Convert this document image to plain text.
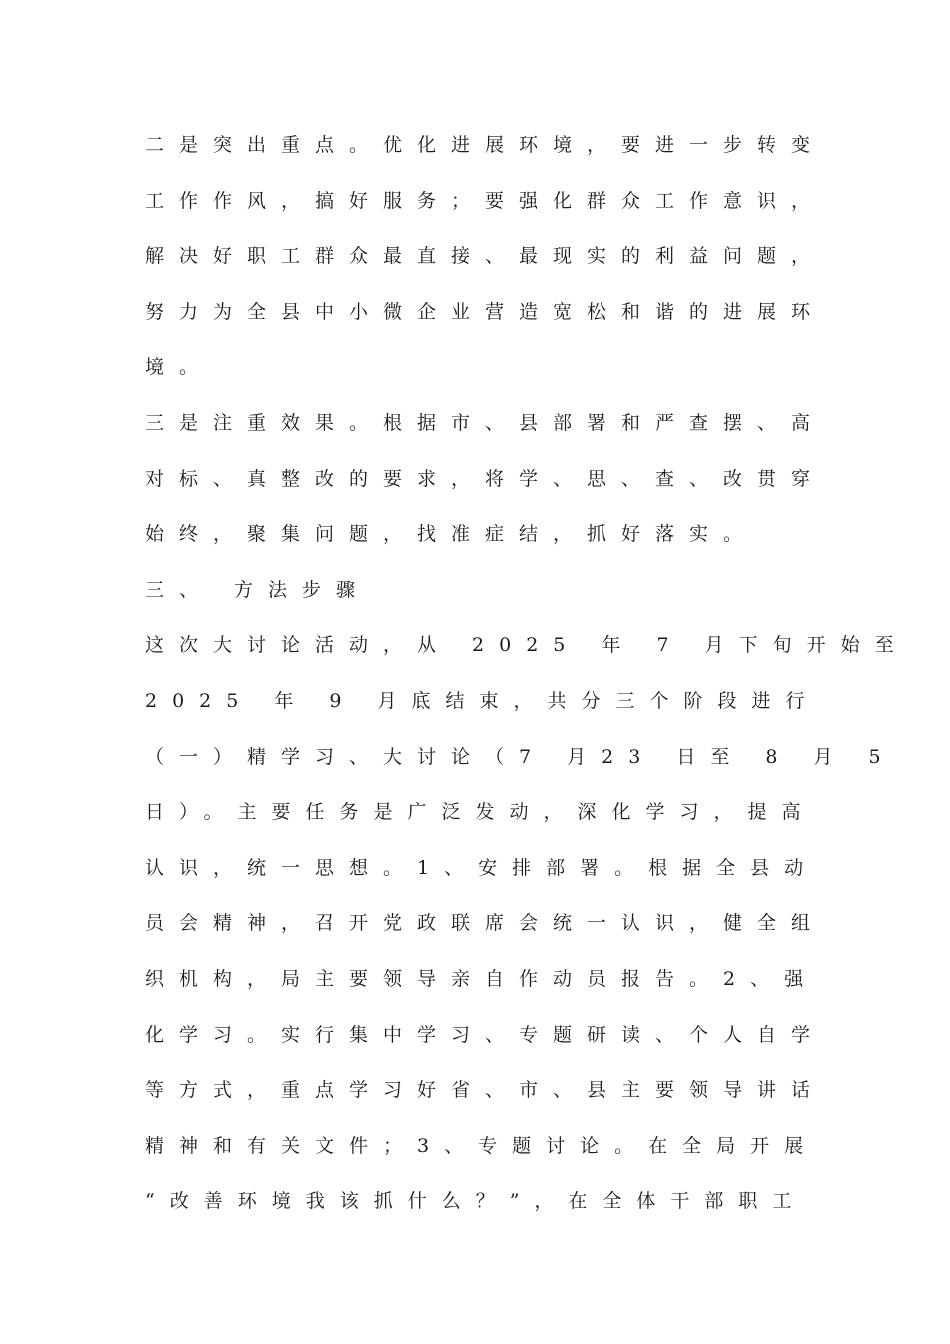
二是突出重点。优化进展环境，要进一步转变
工作作风，搞好服务；要强化群众工作意识，
解决好职工群众最直接、最现实的利益问题，
努力为全县中小微企业营造宽松和谐的进展环
境。
三是注重效果。根据市、县部署和严查摆、高
对标、真整改的要求，将学、思、查、改贯穿
始终，聚集问题，找准症结，抓好落实。
三、 方法步骤
这次大讨论活动，从 2025 年 7 月下旬开始至
2025 年 9 月底结束，共分三个阶段进行
（一）精学习、大讨论（7 月23 日至 8 月 5
日）。主要任务是广泛发动，深化学习，提高
认识，统一思想。1、安排部署。根据全县动
员会精神，召开党政联席会统一认识，健全组
织机构，局主要领导亲自作动员报告。2、强
化学习。实行集中学习、专题研读、个人自学
等方式，重点学习好省、市、县主要领导讲话
精神和有关文件；3、专题讨论。在全局开展
“改善环境我该抓什么？”，在全体干部职工
